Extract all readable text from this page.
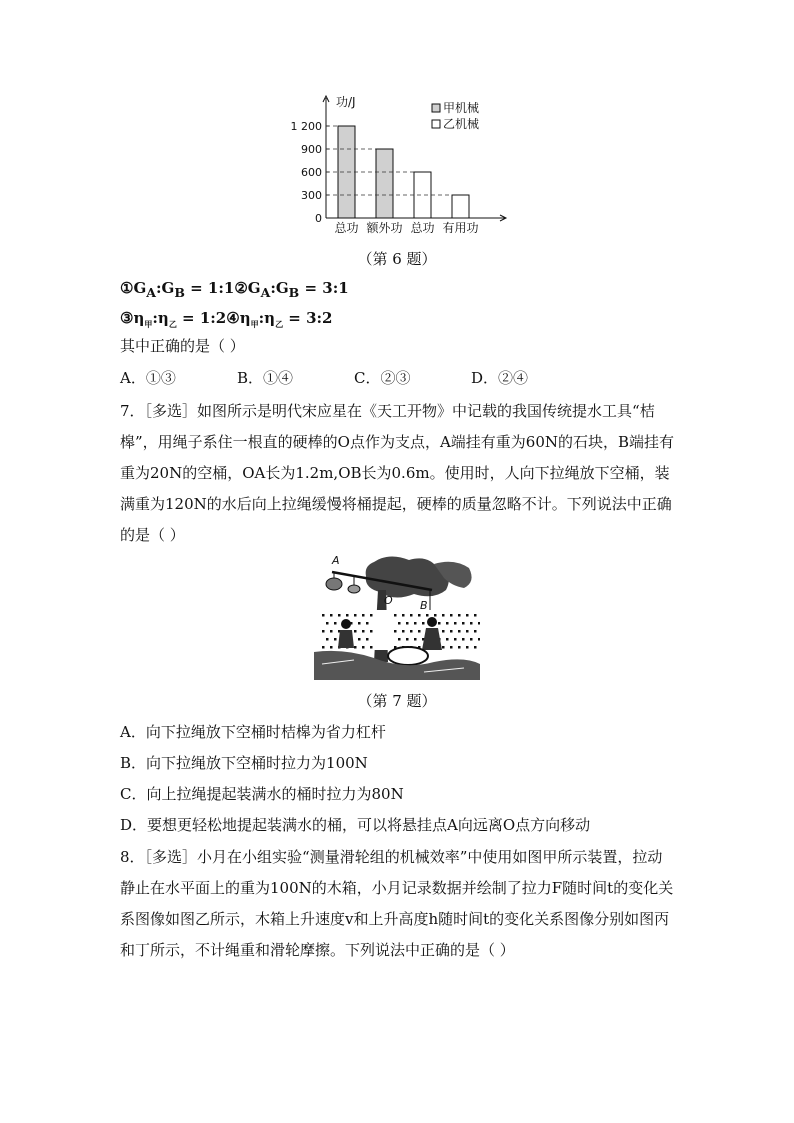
功/J
1 200
900
600
300
0
总功 额外功 总功 有用功
甲机械
乙机械
（第 6 题）
$①G_A:G_B$ = $1:1②G_A:G_B$ = 3:1
$③\eta_甲:\eta_乙$ = $1:2④\eta_甲:\eta_乙$ = 3:2
其中正确的是（ ）
A．①③	B．①④	C．②③	D．②④
7．［多选］如图所示是明代宋应星在《天工开物》中记载的我国传统提水工具“桔槔”，用绳子系住一根直的硬棒的O点作为支点，A端挂有重为60N的石块，B端挂有重为20N的空桶，OA长为1.2m,OB长为0.6m。使用时，人向下拉绳放下空桶，装满重为120N的水后向上拉绳缓慢将桶提起，硬棒的质量忽略不计。下列说法中正确的是（ ）
A
O B
（第 7 题）
A．向下拉绳放下空桶时桔槔为省力杠杆
B．向下拉绳放下空桶时拉力为100N
C．向上拉绳提起装满水的桶时拉力为80N
D．要想更轻松地提起装满水的桶，可以将悬挂点A向远离O点方向移动
8．［多选］小月在小组实验“测量滑轮组的机械效率”中使用如图甲所示装置，拉动静止在水平面上的重为100N的木箱，小月记录数据并绘制了拉力F随时间t的变化关系图像如图乙所示，木箱上升速度v和上升高度h随时间t的变化关系图像分别如图丙和丁所示，不计绳重和滑轮摩擦。下列说法中正确的是（ ）
